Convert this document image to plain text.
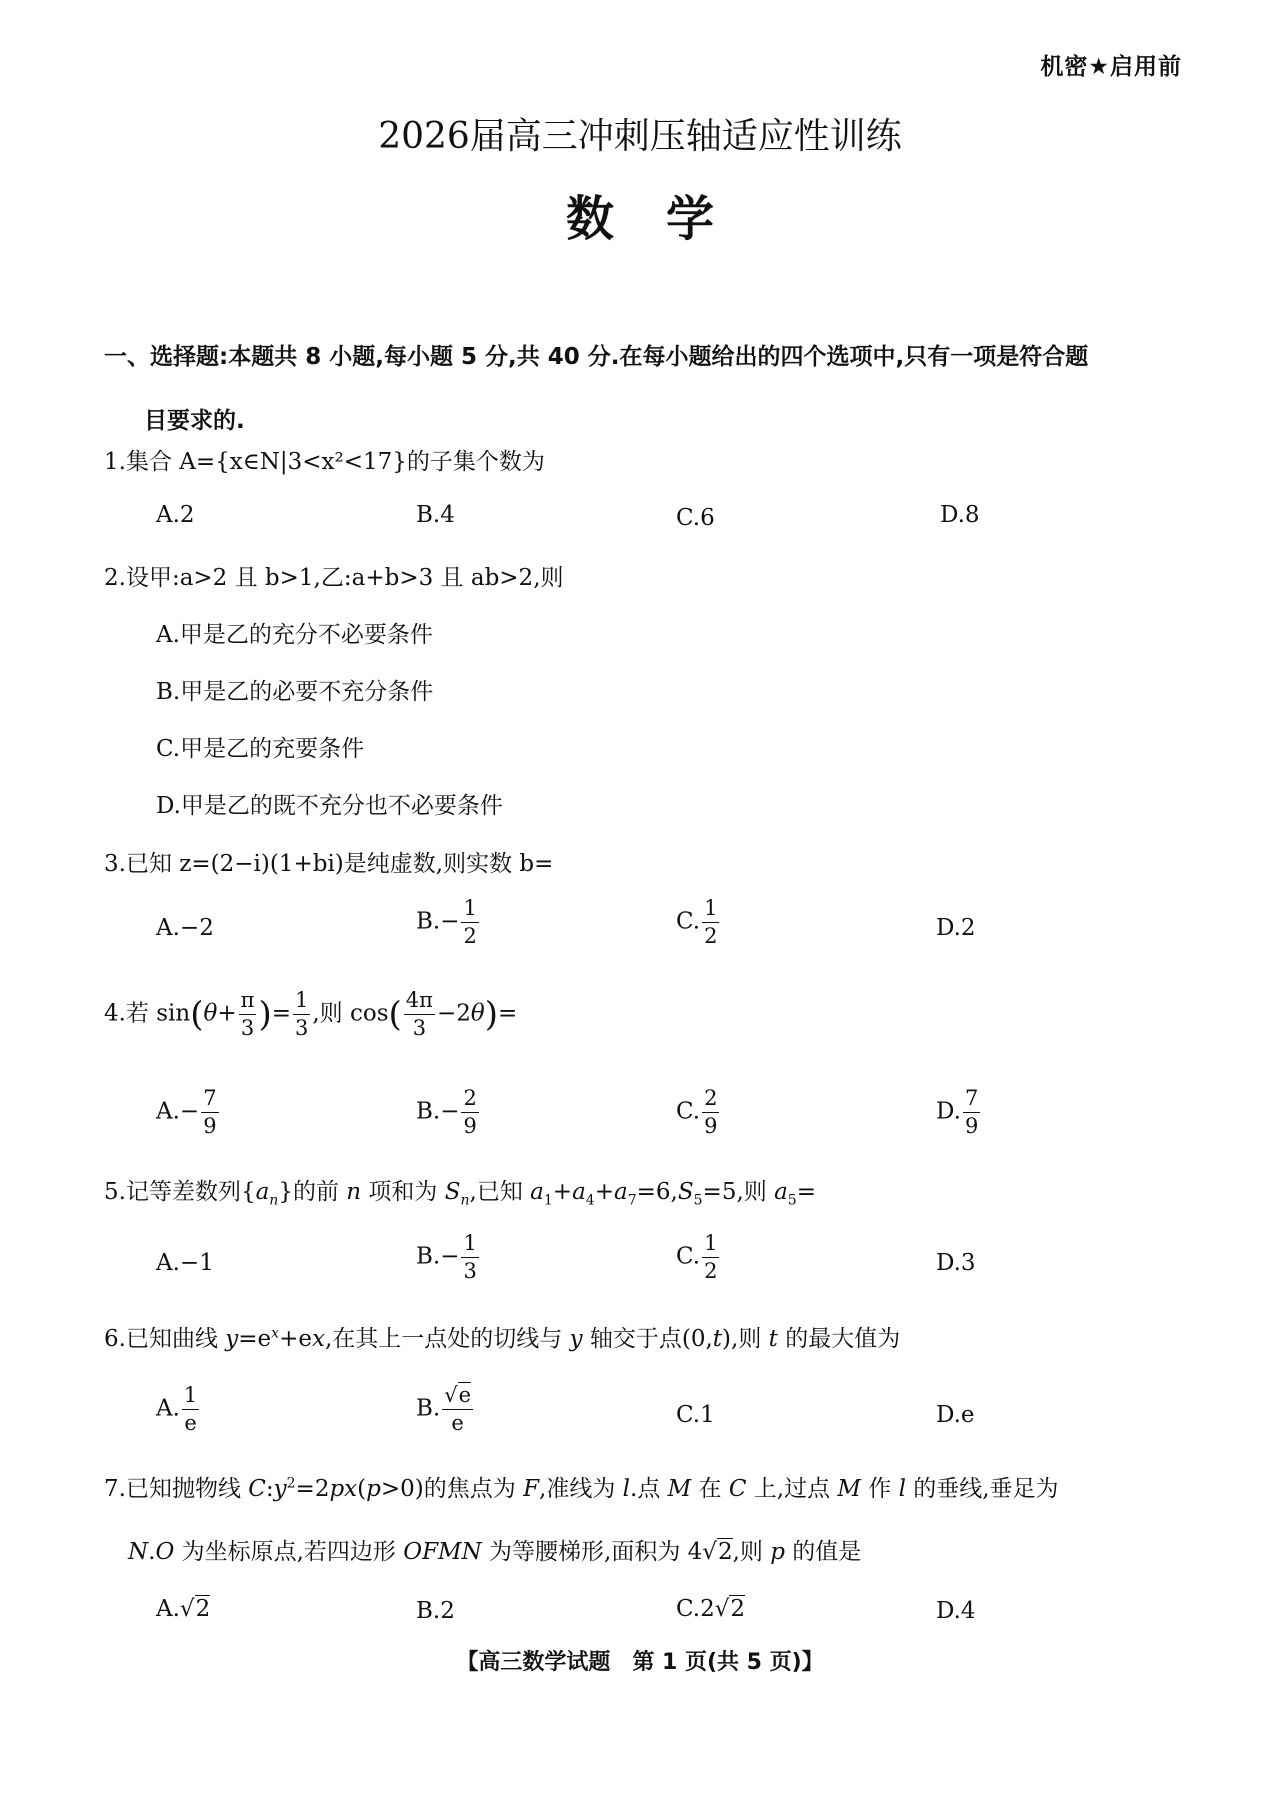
机密★启用前
2026届高三冲刺压轴适应性训练
数学
一、选择题:本题共 8 小题,每小题 5 分,共 40 分.在每小题给出的四个选项中,只有一项是符合题
目要求的.
1.集合 A={x∈N|3<x²<17}的子集个数为
A.2	B.4	C.6	D.8
2.设甲:a>2 且 b>1,乙:a+b>3 且 ab>2,则
A.甲是乙的充分不必要条件
B.甲是乙的必要不充分条件
C.甲是乙的充要条件
D.甲是乙的既不充分也不必要条件
3.已知 z=(2−i)(1+bi)是纯虚数,则实数 b=
A.−2	$B.- \frac{1}{2}$	C. $\frac{1}{2}$	D.2
4.若 $\sin(\theta+ \frac{\pi}{3}$ )= $\frac{1}{3}$ ,则 $\cos( \frac{4\pi}{3} -2\theta)=$
$A.- \frac{7}{9}$	$B.- \frac{2}{9}$	C. $\frac{2}{9}$	D. $\frac{7}{9}$
5.记等差数列$\{a_n\}$的前 n 项和为 $S_n$,已知 $a_1+a_4+a_7=6,S_5=5$,则 $a_5=$
A.−1	$B.- \frac{1}{3}$	C. $\frac{1}{2}$	D.3
6.已知曲线 $y=e^x+ex$,在其上一点处的切线与 y 轴交于点(0,t),则 t 的最大值为
A. $\frac{1}{e}$	B. $\frac{√e}{e}$	C.1	D.e
7.已知抛物线 $C:y^2=2px(p>0)$的焦点为 F,准线为 l.点 M 在 C 上,过点 M 作 l 的垂线,垂足为
N.O 为坐标原点,若四边形 OFMN 为等腰梯形,面积为 4√2,则 p 的值是
A.√2	B.2	C.2√2	D.4
【高三数学试题　第 1 页(共 5 页)】
